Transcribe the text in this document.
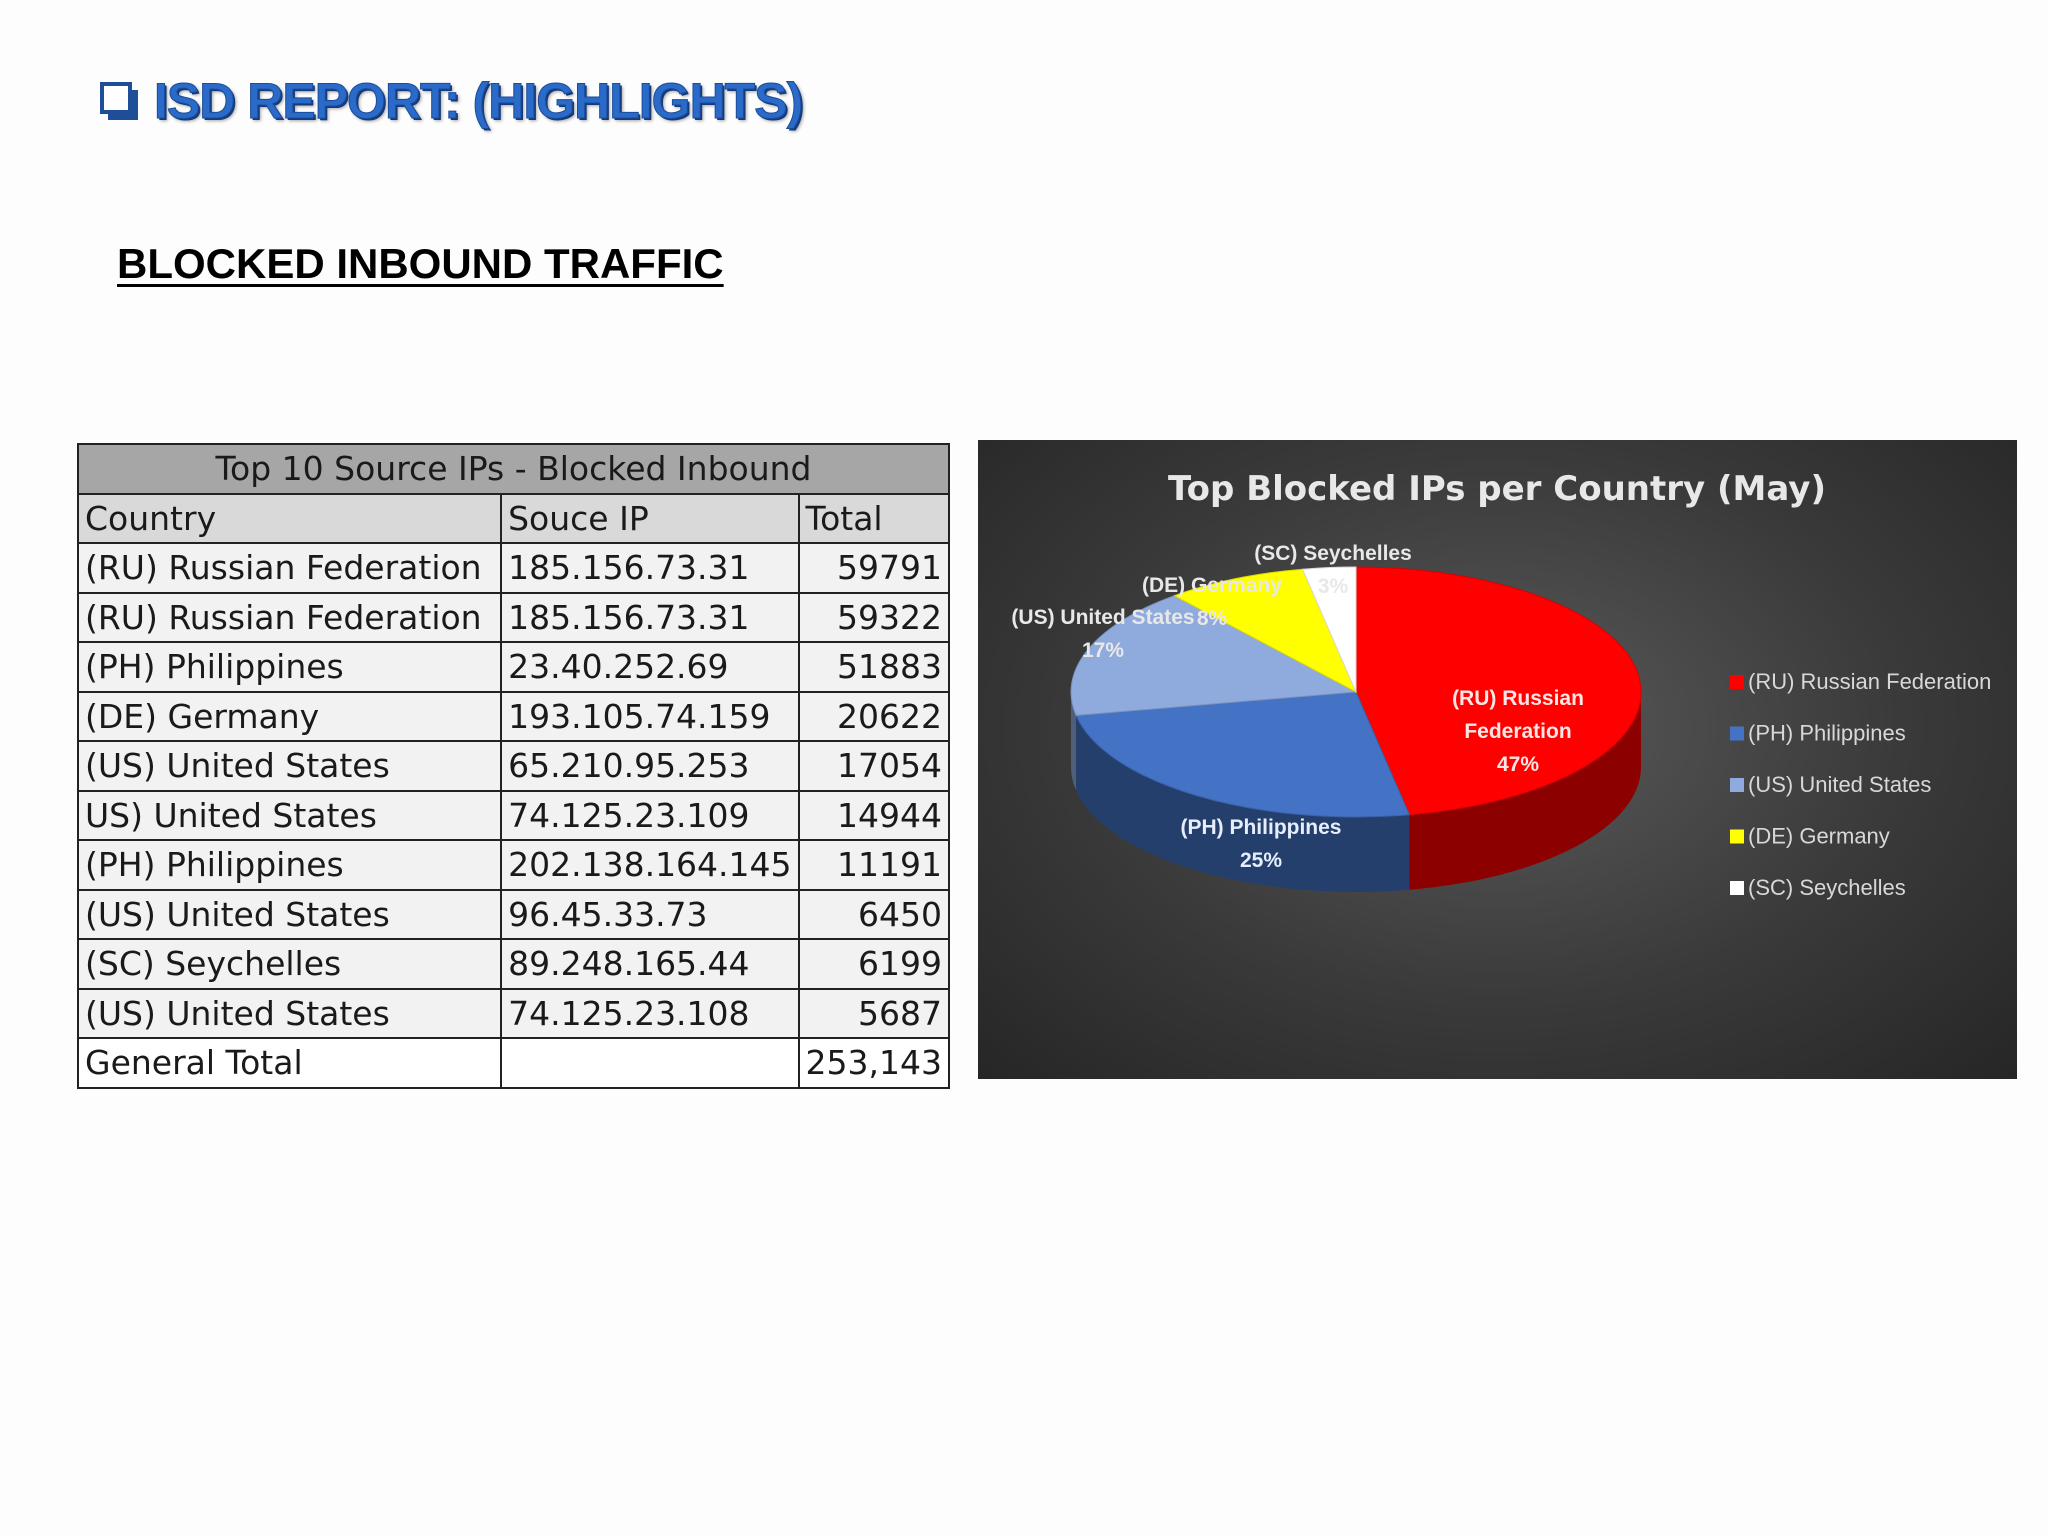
ISD REPORT: (HIGHLIGHTS)
BLOCKED INBOUND TRAFFIC
Top 10 Source IPs - Blocked Inbound		
Country	Souce IP	Total
(RU) Russian Federation	185.156.73.31	59791
(RU) Russian Federation	185.156.73.31	59322
(PH) Philippines	23.40.252.69	51883
(DE) Germany	193.105.74.159	20622
(US) United States	65.210.95.253	17054
US) United States	74.125.23.109	14944
(PH) Philippines	202.138.164.145	11191
(US) United States	96.45.33.73	6450
(SC) Seychelles	89.248.165.44	6199
(US) United States	74.125.23.108	5687
General Total		253,143
Top Blocked IPs per Country (May)
(RU) Russian
Federation
47%
(PH) Philippines
25%
(US) United States
17%
(DE) Germany
8%
(SC) Seychelles
3%
(RU) Russian Federation
(PH) Philippines
(US) United States
(DE) Germany
(SC) Seychelles
